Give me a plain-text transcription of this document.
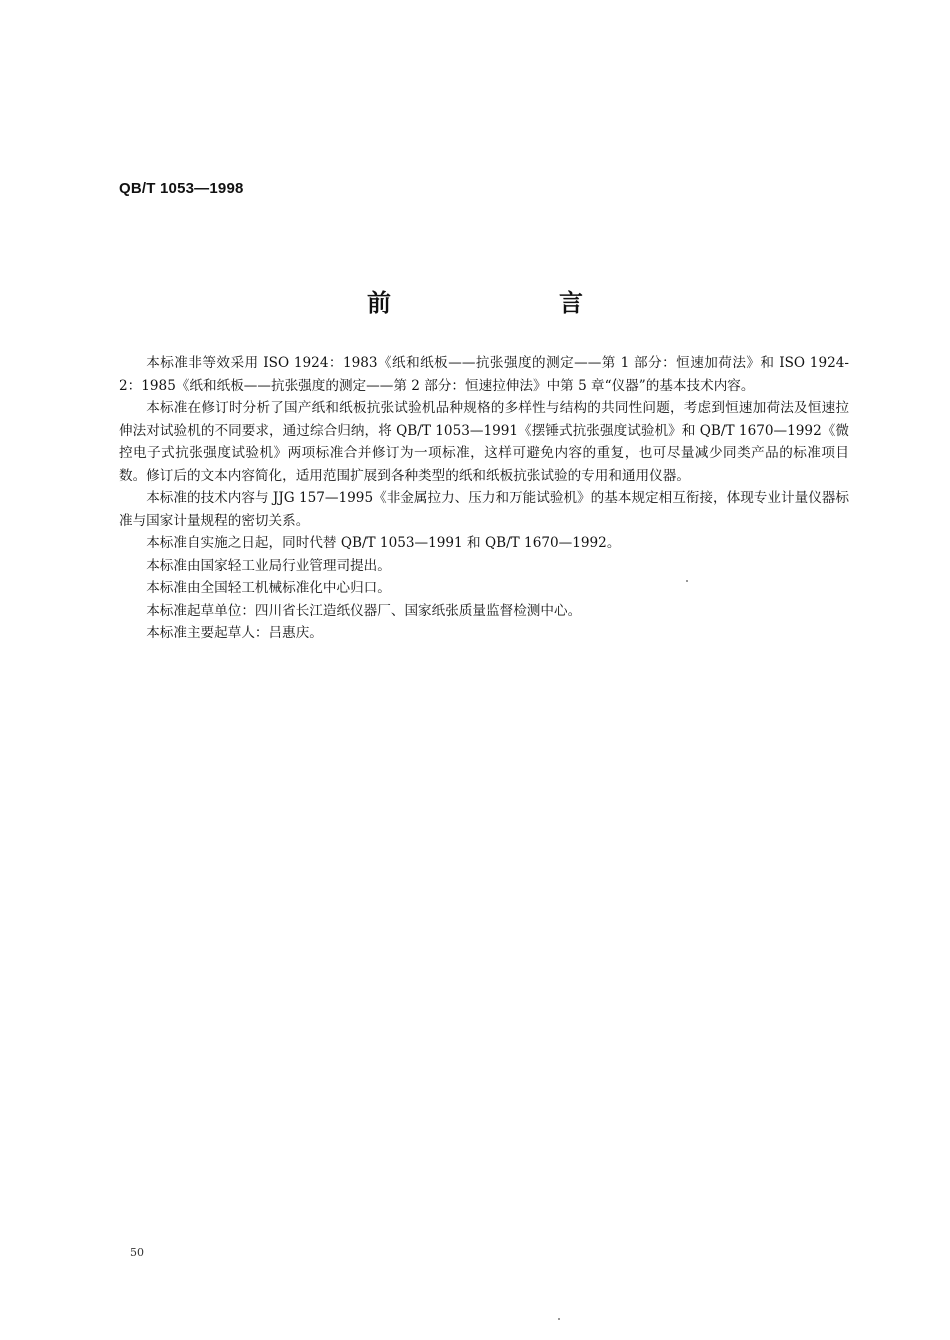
QB/T 1053—1998
前　言

本标准非等效采用 ISO 1924：1983《纸和纸板——抗张强度的测定——第 1 部分：恒速加荷法》和 ISO 1924-2：1985《纸和纸板——抗张强度的测定——第 2 部分：恒速拉伸法》中第 5 章“仪器”的基本技术内容。

本标准在修订时分析了国产纸和纸板抗张试验机品种规格的多样性与结构的共同性问题，考虑到恒速加荷法及恒速拉伸法对试验机的不同要求，通过综合归纳，将 QB/T 1053—1991《摆锤式抗张强度试验机》和 QB/T 1670—1992《微控电子式抗张强度试验机》两项标准合并修订为一项标准，这样可避免内容的重复，也可尽量减少同类产品的标准项目数。修订后的文本内容简化，适用范围扩展到各种类型的纸和纸板抗张试验的专用和通用仪器。

本标准的技术内容与 JJG 157—1995《非金属拉力、压力和万能试验机》的基本规定相互衔接，体现专业计量仪器标准与国家计量规程的密切关系。

本标准自实施之日起，同时代替 QB/T 1053—1991 和 QB/T 1670—1992。

本标准由国家轻工业局行业管理司提出。

本标准由全国轻工机械标准化中心归口。

本标准起草单位：四川省长江造纸仪器厂、国家纸张质量监督检测中心。

本标准主要起草人：吕惠庆。

50
